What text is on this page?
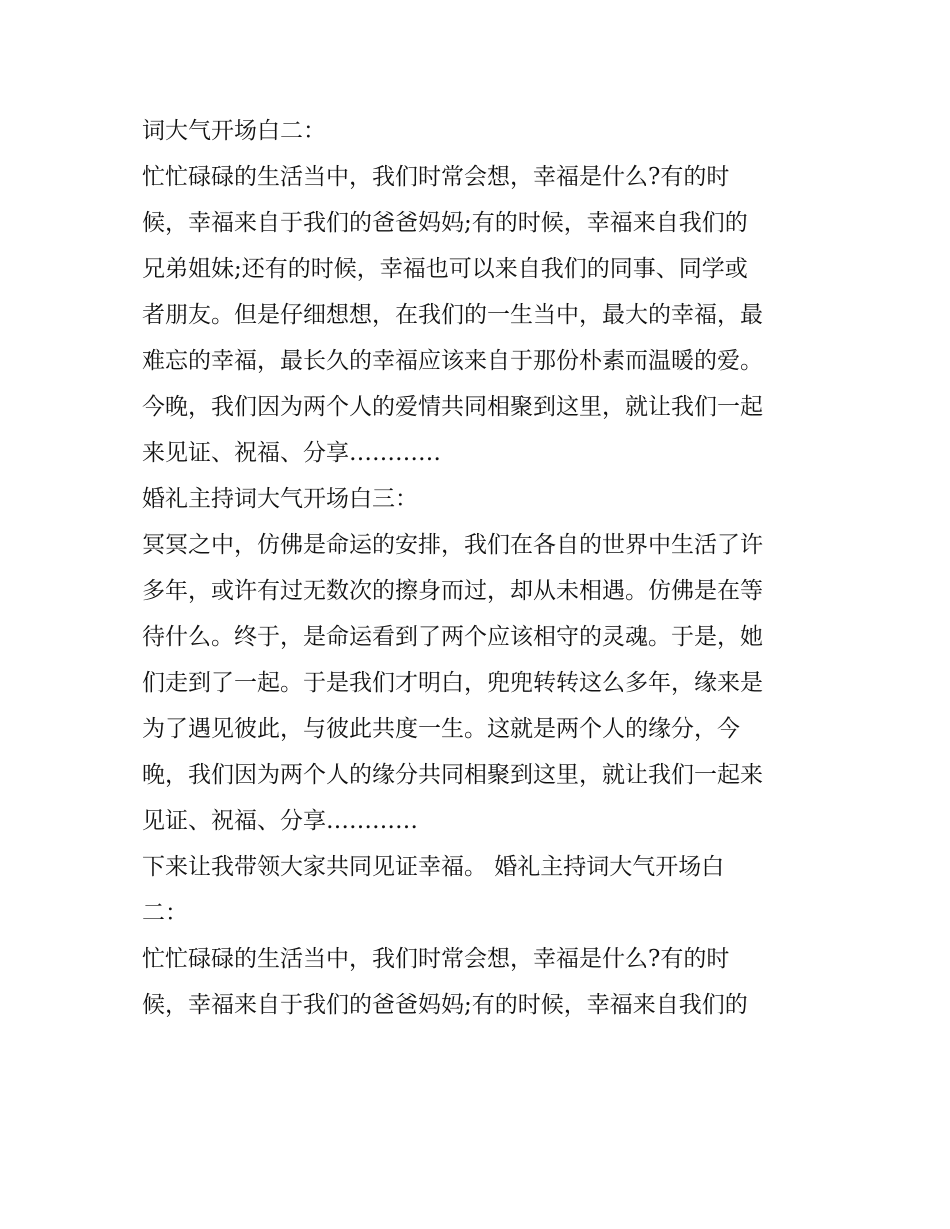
词大气开场白二：
忙忙碌碌的生活当中，我们时常会想，幸福是什么?有的时
候，幸福来自于我们的爸爸妈妈;有的时候，幸福来自我们的
兄弟姐妹;还有的时候，幸福也可以来自我们的同事、同学或
者朋友。但是仔细想想，在我们的一生当中，最大的幸福，最
难忘的幸福，最长久的幸福应该来自于那份朴素而温暖的爱。
今晚，我们因为两个人的爱情共同相聚到这里，就让我们一起
来见证、祝福、分享…………
婚礼主持词大气开场白三：
冥冥之中，仿佛是命运的安排，我们在各自的世界中生活了许
多年，或许有过无数次的擦身而过，却从未相遇。仿佛是在等
待什么。终于，是命运看到了两个应该相守的灵魂。于是，她
们走到了一起。于是我们才明白，兜兜转转这么多年，缘来是
为了遇见彼此，与彼此共度一生。这就是两个人的缘分，今
晚，我们因为两个人的缘分共同相聚到这里，就让我们一起来
见证、祝福、分享…………
下来让我带领大家共同见证幸福。 婚礼主持词大气开场白
二：
忙忙碌碌的生活当中，我们时常会想，幸福是什么?有的时
候，幸福来自于我们的爸爸妈妈;有的时候，幸福来自我们的
